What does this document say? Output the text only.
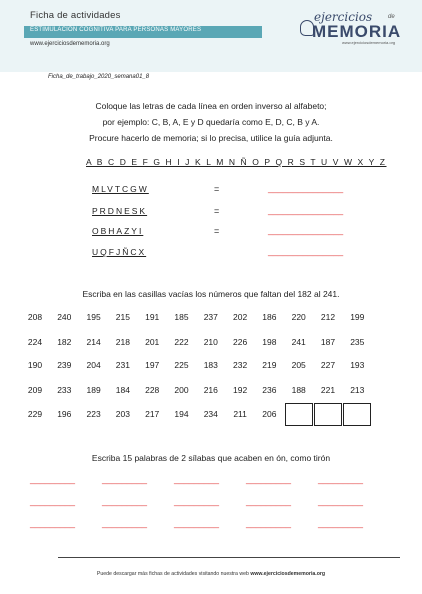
Ficha de actividades
ESTIMULACIÓN COGNITIVA PARA PERSONAS MAYORES
www.ejerciciosdememoria.org
ejercicios	de
MEMORIA
www.ejerciciosdememoria.org
Ficha_de_trabajo_2020_semana01_8
Coloque las letras de cada línea en orden inverso al alfabeto;
por ejemplo: C, B, A, E y D quedaría como E, D, C, B y A.
Procure hacerlo de memoria; si lo precisa, utilice la guía adjunta.
A B C D E F G H I J K L M N Ñ O P Q R S T U V W X Y Z
MLVTCGW	=	_______________
PRDNESK	=	_______________
OBHAZYI	=	_______________
UQFJÑCX	_______________
Escriba en las casillas vacías los números que faltan del 182 al 241.
208	240	195	215	191	185	237	202	186	220	212	199
224	182	214	218	201	222	210	226	198	241	187	235
190	239	204	231	197	225	183	232	219	205	227	193
209	233	189	184	228	200	216	192	236	188	221	213
229	196	223	203	217	194	234	211	206
Escriba 15 palabras de 2 sílabas que acaben en ón, como tirón
_________	_________	_________	_________	_________
_________	_________	_________	_________	_________
_________	_________	_________	_________	_________
Puede descargar más fichas de actividades visitando nuestra web www.ejerciciosdememoria.org
